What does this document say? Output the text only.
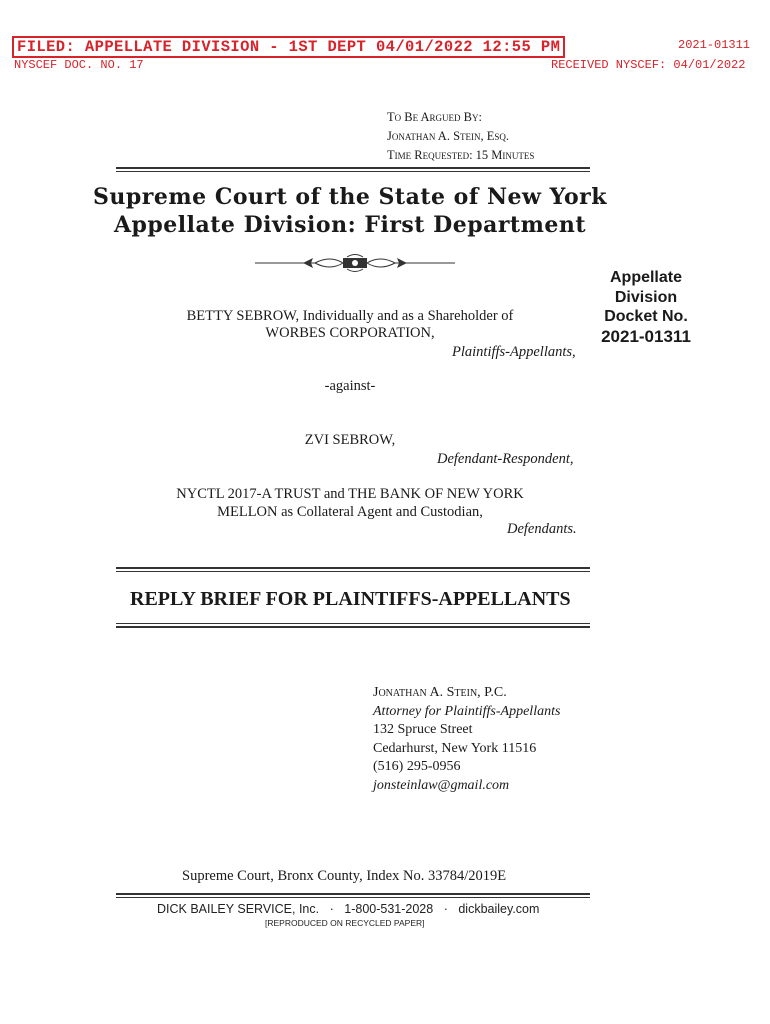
FILED: APPELLATE DIVISION - 1ST DEPT 04/01/2022 12:55 PM	2021-01311
NYSCEF DOC. NO. 17	RECEIVED NYSCEF: 04/01/2022
To Be Argued By:
Jonathan A. Stein, Esq.
Time Requested: 15 Minutes
Supreme Court of the State of New York
Appellate Division: First Department
Appellate
Division
Docket No.
2021-01311
BETTY SEBROW, Individually and as a Shareholder of
WORBES CORPORATION,
Plaintiffs-Appellants,
-against-
ZVI SEBROW,
Defendant-Respondent,
NYCTL 2017-A TRUST and THE BANK OF NEW YORK
MELLON as Collateral Agent and Custodian,
Defendants.
REPLY BRIEF FOR PLAINTIFFS-APPELLANTS
Jonathan A. Stein, P.C.
Attorney for Plaintiffs-Appellants
132 Spruce Street
Cedarhurst, New York 11516
(516) 295-0956
jonsteinlaw@gmail.com
Supreme Court, Bronx County, Index No. 33784/2019E
DICK BAILEY SERVICE, Inc. · 1-800-531-2028 · dickbailey.com
[REPRODUCED ON RECYCLED PAPER]
